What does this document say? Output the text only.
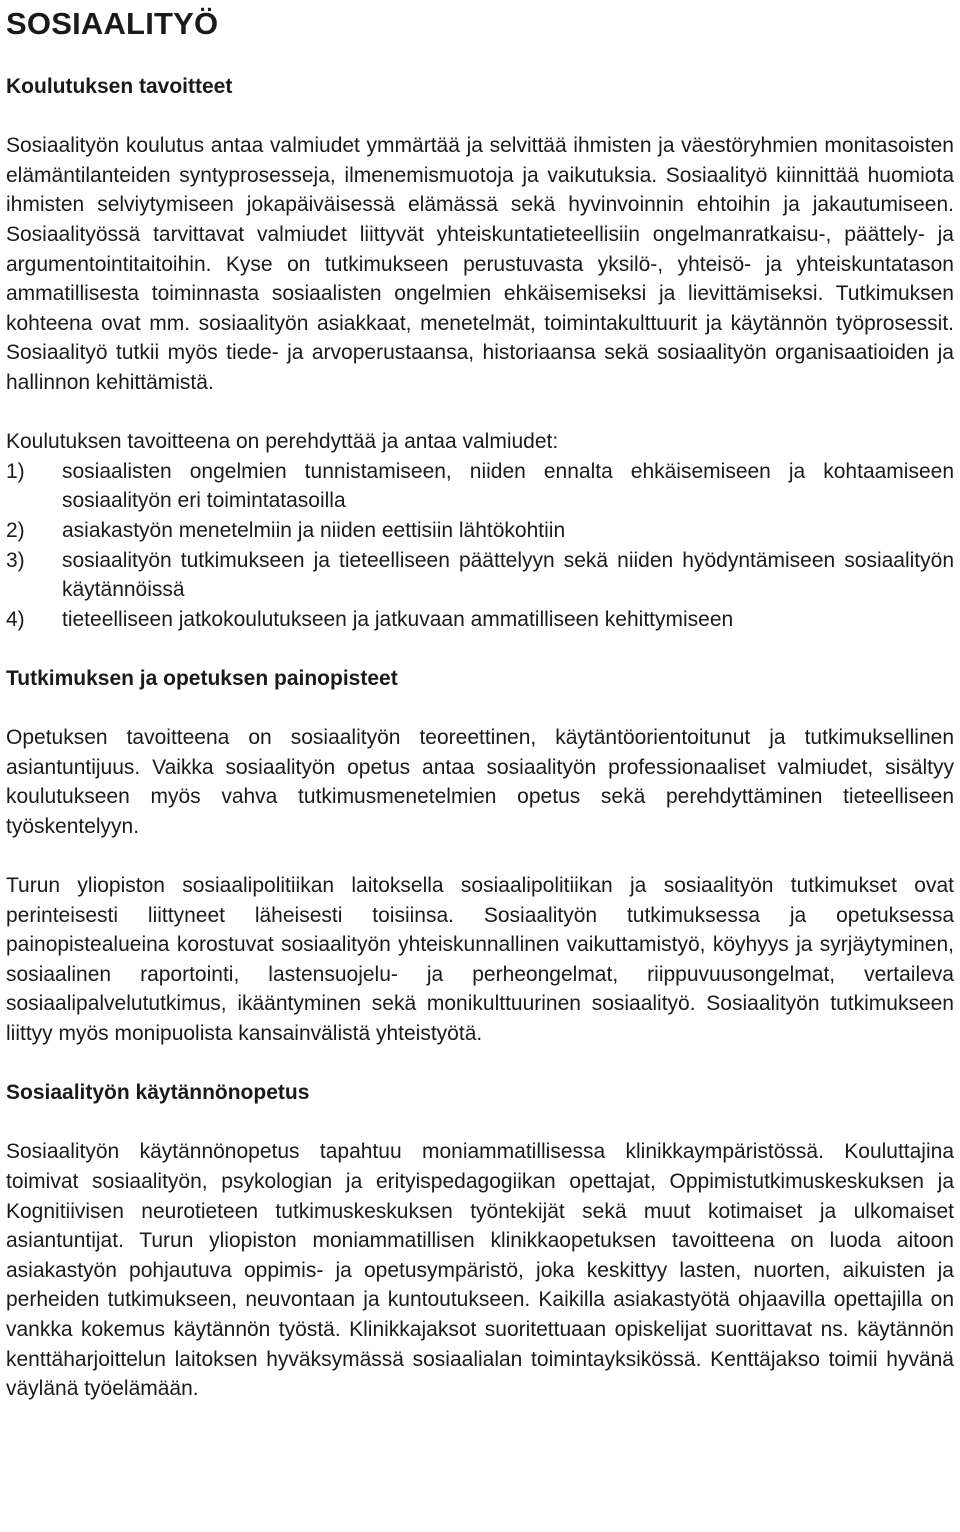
SOSIAALITYÖ
Koulutuksen tavoitteet

Sosiaalityön koulutus antaa valmiudet ymmärtää ja selvittää ihmisten ja väestöryhmien monitasoisten elämäntilanteiden syntyprosesseja, ilmenemismuotoja ja vaikutuksia. Sosiaalityö kiinnittää huomiota ihmisten selviytymiseen jokapäiväisessä elämässä sekä hyvinvoinnin ehtoihin ja jakautumiseen. Sosiaalityössä tarvittavat valmiudet liittyvät yhteiskuntatieteellisiin ongelmanratkaisu-, päättely- ja argumentointitaitoihin. Kyse on tutkimukseen perustuvasta yksilö-, yhteisö- ja yhteiskuntatason ammatillisesta toiminnasta sosiaalisten ongelmien ehkäisemiseksi ja lievittämiseksi. Tutkimuksen kohteena ovat mm. sosiaalityön asiakkaat, menetelmät, toimintakulttuurit ja käytännön työprosessit. Sosiaalityö tutkii myös tiede- ja arvoperustaansa, historiaansa sekä sosiaalityön organisaatioiden ja hallinnon kehittämistä.

Koulutuksen tavoitteena on perehdyttää ja antaa valmiudet:

1)	sosiaalisten ongelmien tunnistamiseen, niiden ennalta ehkäisemiseen ja kohtaamiseen sosiaalityön eri toimintatasoilla
2)	asiakastyön menetelmiin ja niiden eettisiin lähtökohtiin
3)	sosiaalityön tutkimukseen ja tieteelliseen päättelyyn sekä niiden hyödyntämiseen sosiaalityön käytännöissä
4)	tieteelliseen jatkokoulutukseen ja jatkuvaan ammatilliseen kehittymiseen
Tutkimuksen ja opetuksen painopisteet

Opetuksen tavoitteena on sosiaalityön teoreettinen, käytäntöorientoitunut ja tutkimuksellinen asiantuntijuus. Vaikka sosiaalityön opetus antaa sosiaalityön professionaaliset valmiudet, sisältyy koulutukseen myös vahva tutkimusmenetelmien opetus sekä perehdyttäminen tieteelliseen työskentelyyn.

Turun yliopiston sosiaalipolitiikan laitoksella sosiaalipolitiikan ja sosiaalityön tutkimukset ovat perinteisesti liittyneet läheisesti toisiinsa. Sosiaalityön tutkimuksessa ja opetuksessa painopistealueina korostuvat sosiaalityön yhteiskunnallinen vaikuttamistyö, köyhyys ja syrjäytyminen, sosiaalinen raportointi, lastensuojelu- ja perheongelmat, riippuvuusongelmat, vertaileva sosiaalipalvelututkimus, ikääntyminen sekä monikulttuurinen sosiaalityö. Sosiaalityön tutkimukseen liittyy myös monipuolista kansainvälistä yhteistyötä.

Sosiaalityön käytännönopetus

Sosiaalityön käytännönopetus tapahtuu moniammatillisessa klinikkaympäristössä. Kouluttajina toimivat sosiaalityön, psykologian ja erityispedagogiikan opettajat, Oppimistutkimuskeskuksen ja Kognitiivisen neurotieteen tutkimuskeskuksen työntekijät sekä muut kotimaiset ja ulkomaiset asiantuntijat. Turun yliopiston moniammatillisen klinikkaopetuksen tavoitteena on luoda aitoon asiakastyön pohjautuva oppimis- ja opetusympäristö, joka keskittyy lasten, nuorten, aikuisten ja perheiden tutkimukseen, neuvontaan ja kuntoutukseen. Kaikilla asiakastyötä ohjaavilla opettajilla on vankka kokemus käytännön työstä. Klinikkajaksot suoritettuaan opiskelijat suorittavat ns. käytännön kenttäharjoittelun laitoksen hyväksymässä sosiaalialan toimintayksikössä. Kenttäjakso toimii hyvänä väylänä työelämään.
